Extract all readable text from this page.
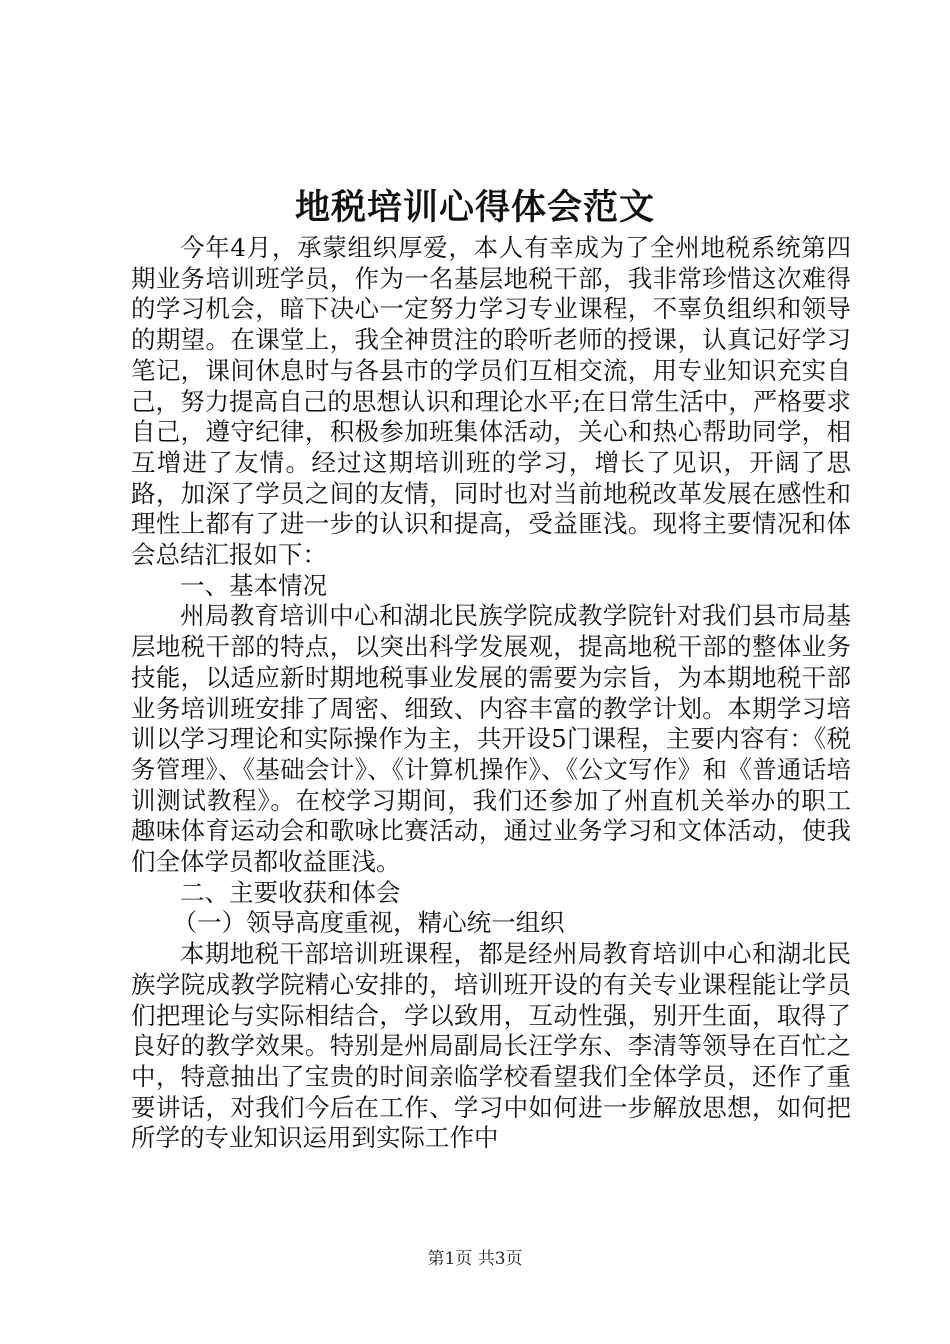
地税培训心得体会范文

今年4月，承蒙组织厚爱，本人有幸成为了全州地税系统第四期业务培训班学员，作为一名基层地税干部，我非常珍惜这次难得的学习机会，暗下决心一定努力学习专业课程，不辜负组织和领导的期望。在课堂上，我全神贯注的聆听老师的授课，认真记好学习笔记，课间休息时与各县市的学员们互相交流，用专业知识充实自己，努力提高自己的思想认识和理论水平;在日常生活中，严格要求自己，遵守纪律，积极参加班集体活动，关心和热心帮助同学，相互增进了友情。经过这期培训班的学习，增长了见识，开阔了思路，加深了学员之间的友情，同时也对当前地税改革发展在感性和理性上都有了进一步的认识和提高，受益匪浅。现将主要情况和体会总结汇报如下：

一、基本情况

州局教育培训中心和湖北民族学院成教学院针对我们县市局基层地税干部的特点，以突出科学发展观，提高地税干部的整体业务技能，以适应新时期地税事业发展的需要为宗旨，为本期地税干部业务培训班安排了周密、细致、内容丰富的教学计划。本期学习培训以学习理论和实际操作为主，共开设5门课程，主要内容有：《税务管理》、《基础会计》、《计算机操作》、《公文写作》和《普通话培训测试教程》。在校学习期间，我们还参加了州直机关举办的职工趣味体育运动会和歌咏比赛活动，通过业务学习和文体活动，使我们全体学员都收益匪浅。

二、主要收获和体会

（一）领导高度重视，精心统一组织

本期地税干部培训班课程，都是经州局教育培训中心和湖北民族学院成教学院精心安排的，培训班开设的有关专业课程能让学员们把理论与实际相结合，学以致用，互动性强，别开生面，取得了良好的教学效果。特别是州局副局长汪学东、李清等领导在百忙之中，特意抽出了宝贵的时间亲临学校看望我们全体学员，还作了重要讲话，对我们今后在工作、学习中如何进一步解放思想，如何把所学的专业知识运用到实际工作中

第1页 共3页
